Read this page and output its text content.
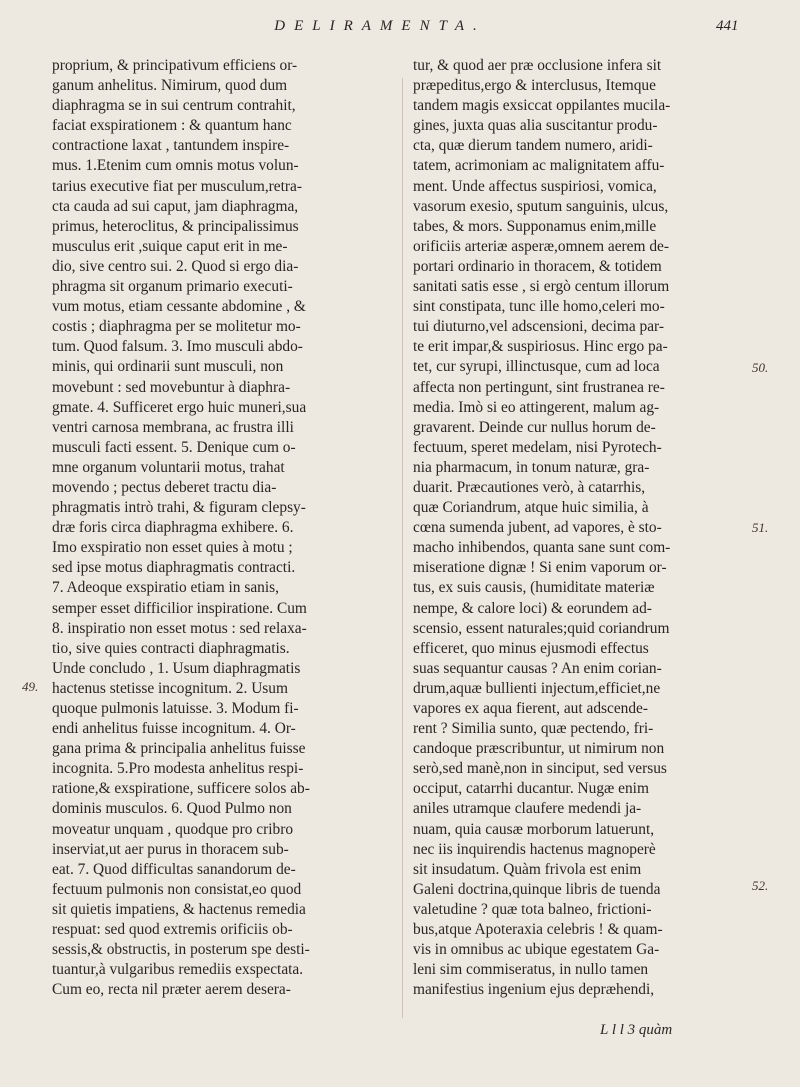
DELIRAMENTA.	441
proprium, & principativum efficiens or-
ganum anhelitus. Nimirum, quod dum
diaphragma se in sui centrum contrahit,
faciat exspirationem : & quantum hanc
contractione laxat , tantundem inspire-
mus. 1.Etenim cum omnis motus volun-
tarius executive fiat per musculum,retra-
cta cauda ad sui caput, jam diaphragma,
primus, heteroclitus, & principalissimus
musculus erit ,suique caput erit in me-
dio, sive centro sui. 2. Quod si ergo dia-
phragma sit organum primario executi-
vum motus, etiam cessante abdomine , &
costis ; diaphragma per se molitetur mo-
tum. Quod falsum. 3. Imo musculi abdo-
minis, qui ordinarii sunt musculi, non
movebunt : sed movebuntur à diaphra-
gmate. 4. Sufficeret ergo huic muneri,sua
ventri carnosa membrana, ac frustra illi
musculi facti essent. 5. Denique cum o-
mne organum voluntarii motus, trahat
movendo ; pectus deberet tractu dia-
phragmatis intrò trahi, & figuram clepsy-
dræ foris circa diaphragma exhibere. 6.
Imo exspiratio non esset quies à motu ;
sed ipse motus diaphragmatis contracti.
7. Adeoque exspiratio etiam in sanis,
semper esset difficilior inspiratione. Cum
8. inspiratio non esset motus : sed relaxa-
tio, sive quies contracti diaphragmatis.
Unde concludo , 1. Usum diaphragmatis
hactenus stetisse incognitum. 2. Usum
quoque pulmonis latuisse. 3. Modum fi-
endi anhelitus fuisse incognitum. 4. Or-
gana prima & principalia anhelitus fuisse
incognita. 5.Pro modesta anhelitus respi-
ratione,& exspiratione, sufficere solos ab-
dominis musculos. 6. Quod Pulmo non
moveatur unquam , quodque pro cribro
inserviat,ut aer purus in thoracem sub-
eat. 7. Quod difficultas sanandorum de-
fectuum pulmonis non consistat,eo quod
sit quietis impatiens, & hactenus remedia
respuat: sed quod extremis orificiis ob-
sessis,& obstructis, in posterum spe desti-
tuantur,à vulgaribus remediis exspectata.
Cum eo, recta nil præter aerem desera-
tur, & quod aer præ occlusione infera sit
præpeditus,ergo & interclusus, Itemque
tandem magis exsiccat oppilantes mucila-
gines, juxta quas alia suscitantur produ-
cta, quæ dierum tandem numero, aridi-
tatem, acrimoniam ac malignitatem affu-
ment. Unde affectus suspiriosi, vomica,
vasorum exesio, sputum sanguinis, ulcus,
tabes, & mors. Supponamus enim,mille
orificiis arteriæ asperæ,omnem aerem de-
portari ordinario in thoracem, & totidem
sanitati satis esse , si ergò centum illorum
sint constipata, tunc ille homo,celeri mo-
tui diuturno,vel adscensioni, decima par-
te erit impar,& suspiriosus. Hinc ergo pa-
tet, cur syrupi, illinctusque, cum ad loca
affecta non pertingunt, sint frustranea re-
media. Imò si eo attingerent, malum ag-
gravarent. Deinde cur nullus horum de-
fectuum, speret medelam, nisi Pyrotech-
nia pharmacum, in tonum naturæ, gra-
duarit. Præcautiones verò, à catarrhis,
quæ Coriandrum, atque huic similia, à
cœna sumenda jubent, ad vapores, è sto-
macho inhibendos, quanta sane sunt com-
miseratione dignæ ! Si enim vaporum or-
tus, ex suis causis, (humiditate materiæ
nempe, & calore loci) & eorundem ad-
scensio, essent naturales;quid coriandrum
efficeret, quo minus ejusmodi effectus
suas sequantur causas ? An enim corian-
drum,aquæ bullienti injectum,efficiet,ne
vapores ex aqua fierent, aut adscende-
rent ? Similia sunto, quæ pectendo, fri-
candoque præscribuntur, ut nimirum non
serò,sed manè,non in sinciput, sed versus
occiput, catarrhi ducantur. Nugæ enim
aniles utramque claufere medendi ja-
nuam, quia causæ morborum latuerunt,
nec iis inquirendis hactenus magnoperè
sit insudatum. Quàm frivola est enim
Galeni doctrina,quinque libris de tuenda
valetudine ? quæ tota balneo, frictioni-
bus,atque Apoteraxia celebris ! & quam-
vis in omnibus ac ubique egestatem Ga-
leni sim commiseratus, in nullo tamen
manifestius ingenium ejus depræhendi,
49.
50.
51.
52.
L l l 3 quàm
